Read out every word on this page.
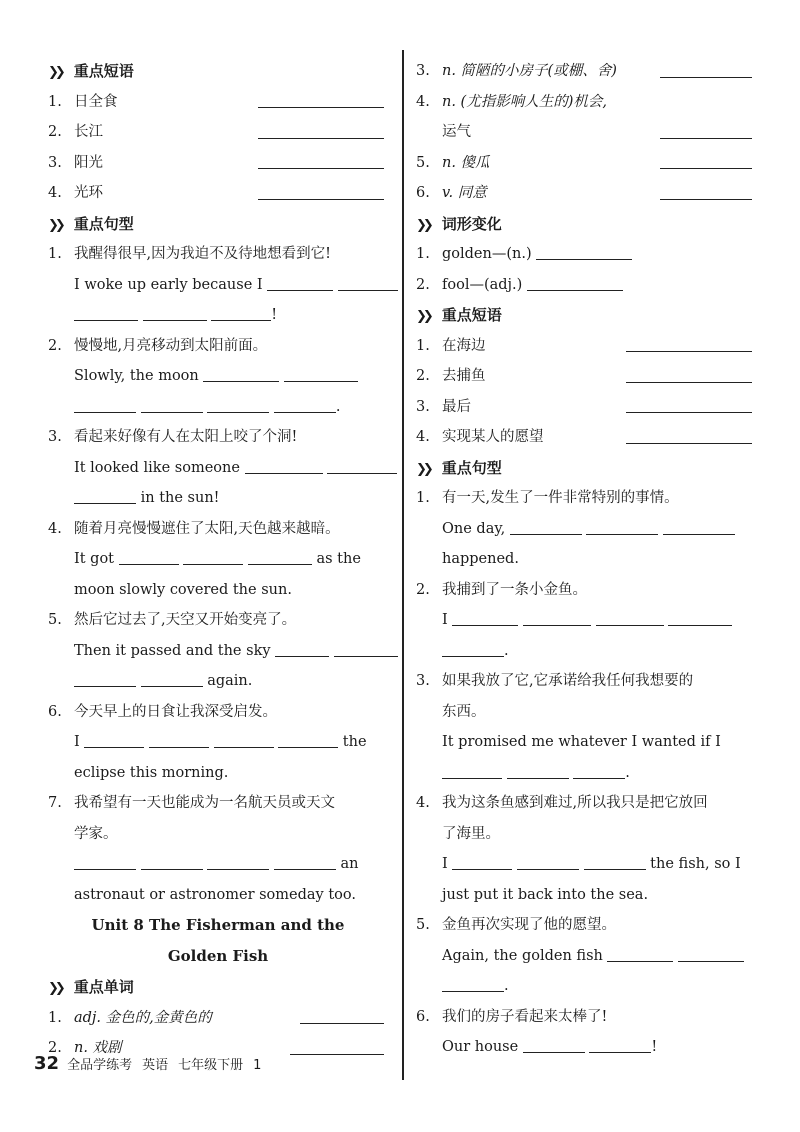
❯❯ 重点短语
1. 日全食
2. 长江
3. 阳光
4. 光环
❯❯ 重点句型
1. 我醒得很早,因为我迫不及待地想看到它!
I woke up early because I
!
2. 慢慢地,月亮移动到太阳前面。
Slowly, the moon
.
3. 看起来好像有人在太阳上咬了个洞!
It looked like someone
in the sun!
4. 随着月亮慢慢遮住了太阳,天色越来越暗。
It got	as the
moon slowly covered the sun.
5. 然后它过去了,天空又开始变亮了。
Then it passed and the sky
again.
6. 今天早上的日食让我深受启发。
I	the
eclipse this morning.
7. 我希望有一天也能成为一名航天员或天文
学家。
an
astronaut or astronomer someday too.
Unit 8 The Fisherman and the
Golden Fish
❯❯ 重点单词
1. adj. 金色的,金黄色的
2. n. 戏剧
3. n. 简陋的小房子(或棚、舍)
4. n. (尤指影响人生的)机会,
运气
5. n. 傻瓜
6. v. 同意
❯❯ 词形变化
1. golden—(n.)
2. fool—(adj.)
❯❯ 重点短语
1. 在海边
2. 去捕鱼
3. 最后
4. 实现某人的愿望
❯❯ 重点句型
1. 有一天,发生了一件非常特别的事情。
One day,
happened.
2. 我捕到了一条小金鱼。
I
.
3. 如果我放了它,它承诺给我任何我想要的
东西。
It promised me whatever I wanted if I
.
4. 我为这条鱼感到难过,所以我只是把它放回
了海里。
I	the fish, so I
just put it back into the sea.
5. 金鱼再次实现了他的愿望。
Again, the golden fish
.
6. 我们的房子看起来太棒了!
Our house	!
32 全品学练考 英语 七年级下册 1
